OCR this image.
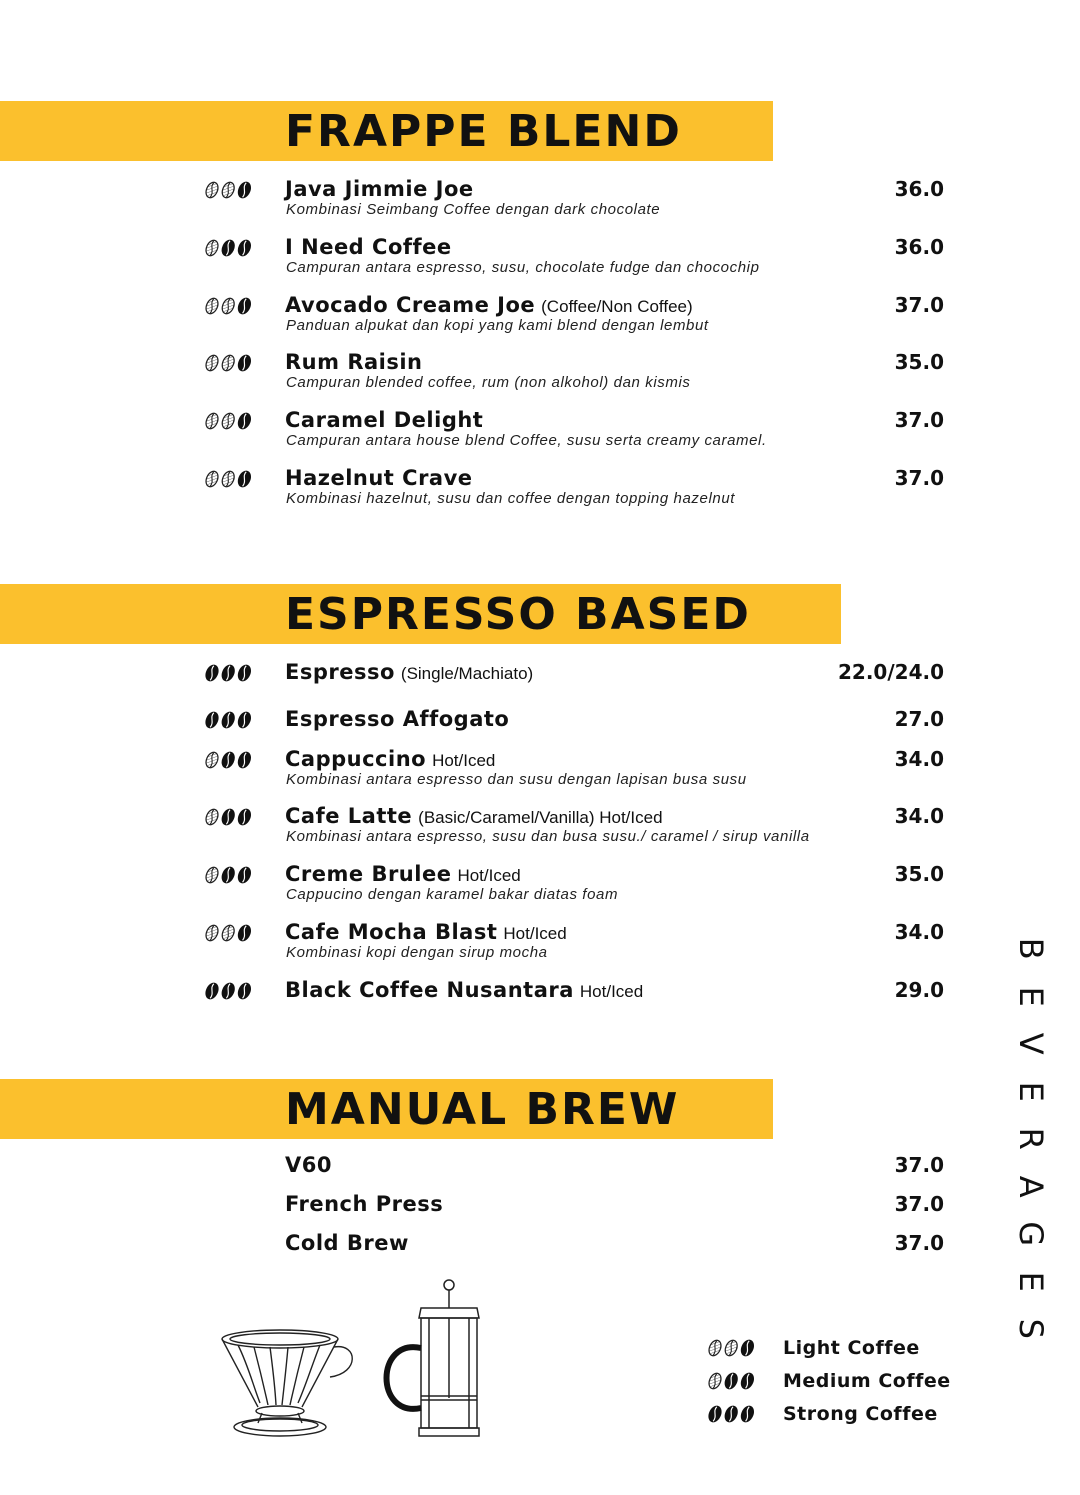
FRAPPE BLEND
Java Jimmie Joe
Kombinasi Seimbang Coffee dengan dark chocolate
36.0
I Need Coffee
Campuran antara espresso, susu, chocolate fudge dan chocochip
36.0
Avocado Creame Joe (Coffee/Non Coffee)
Panduan alpukat dan kopi yang kami blend dengan lembut
37.0
Rum Raisin
Campuran blended coffee, rum (non alkohol) dan kismis
35.0
Caramel Delight
Campuran antara house blend Coffee, susu serta creamy caramel.
37.0
Hazelnut Crave
Kombinasi hazelnut, susu dan coffee dengan topping hazelnut
37.0
ESPRESSO BASED
Espresso (Single/Machiato)	22.0/24.0
Espresso Affogato	27.0
Cappuccino Hot/Iced
Kombinasi antara espresso dan susu dengan lapisan busa susu
34.0
Cafe Latte (Basic/Caramel/Vanilla) Hot/Iced
Kombinasi antara espresso, susu dan busa susu./ caramel / sirup vanilla
34.0
Creme Brulee Hot/Iced
Cappucino dengan karamel bakar diatas foam
35.0
Cafe Mocha Blast Hot/Iced
Kombinasi kopi dengan sirup mocha
34.0
Black Coffee Nusantara Hot/Iced	29.0
MANUAL BREW
V60	37.0
French Press	37.0
Cold Brew	37.0
B
E
V
E
R
A
G
E
S
Light Coffee
Medium Coffee
Strong Coffee
